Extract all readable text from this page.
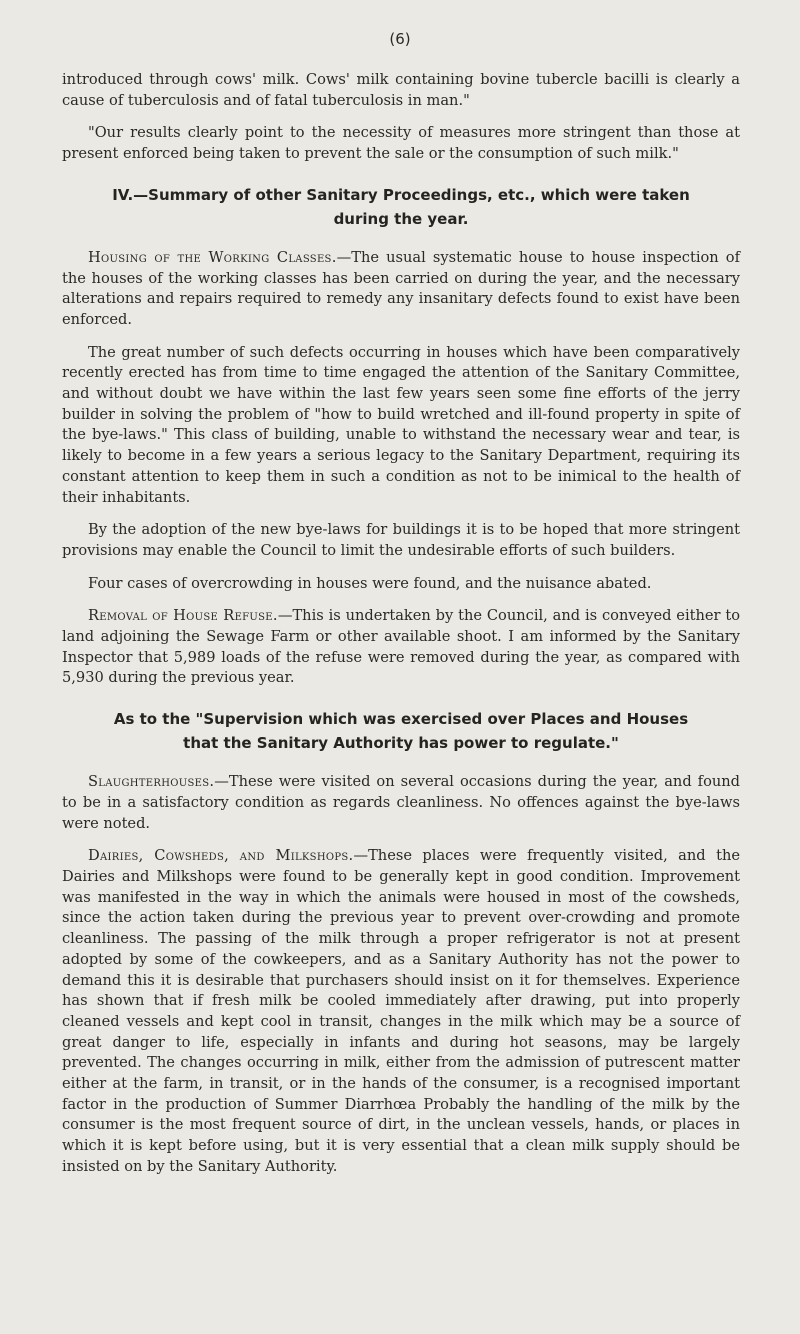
(6)

introduced through cows' milk. Cows' milk containing bovine tubercle bacilli is clearly a cause of tuberculosis and of fatal tuberculosis in man."

"Our results clearly point to the necessity of measures more stringent than those at present enforced being taken to prevent the sale or the consumption of such milk."

IV.—Summary of other Sanitary Proceedings, etc., which were taken during the year.

Housing of the Working Classes.—The usual systematic house to house inspection of the houses of the working classes has been carried on during the year, and the necessary alterations and repairs required to remedy any insanitary defects found to exist have been enforced.

The great number of such defects occurring in houses which have been comparatively recently erected has from time to time engaged the attention of the Sanitary Committee, and without doubt we have within the last few years seen some fine efforts of the jerry builder in solving the problem of "how to build wretched and ill-found property in spite of the bye-laws." This class of building, unable to withstand the necessary wear and tear, is likely to become in a few years a serious legacy to the Sanitary Department, requiring its constant attention to keep them in such a condition as not to be inimical to the health of their inhabitants.

By the adoption of the new bye-laws for buildings it is to be hoped that more stringent provisions may enable the Council to limit the undesirable efforts of such builders.

Four cases of overcrowding in houses were found, and the nuisance abated.

Removal of House Refuse.—This is undertaken by the Council, and is conveyed either to land adjoining the Sewage Farm or other available shoot. I am informed by the Sanitary Inspector that 5,989 loads of the refuse were removed during the year, as compared with 5,930 during the previous year.

As to the "Supervision which was exercised over Places and Houses that the Sanitary Authority has power to regulate."

Slaughterhouses.—These were visited on several occasions during the year, and found to be in a satisfactory condition as regards cleanliness. No offences against the bye-laws were noted.

Dairies, Cowsheds, and Milkshops.—These places were frequently visited, and the Dairies and Milkshops were found to be generally kept in good condition. Improvement was manifested in the way in which the animals were housed in most of the cowsheds, since the action taken during the previous year to prevent over-crowding and promote cleanliness. The passing of the milk through a proper refrigerator is not at present adopted by some of the cowkeepers, and as a Sanitary Authority has not the power to demand this it is desirable that purchasers should insist on it for themselves. Experience has shown that if fresh milk be cooled immediately after drawing, put into properly cleaned vessels and kept cool in transit, changes in the milk which may be a source of great danger to life, especially in infants and during hot seasons, may be largely prevented. The changes occurring in milk, either from the admission of putrescent matter either at the farm, in transit, or in the hands of the consumer, is a recognised important factor in the production of Summer Diarrhœa Probably the handling of the milk by the consumer is the most frequent source of dirt, in the unclean vessels, hands, or places in which it is kept before using, but it is very essential that a clean milk supply should be insisted on by the Sanitary Authority.
